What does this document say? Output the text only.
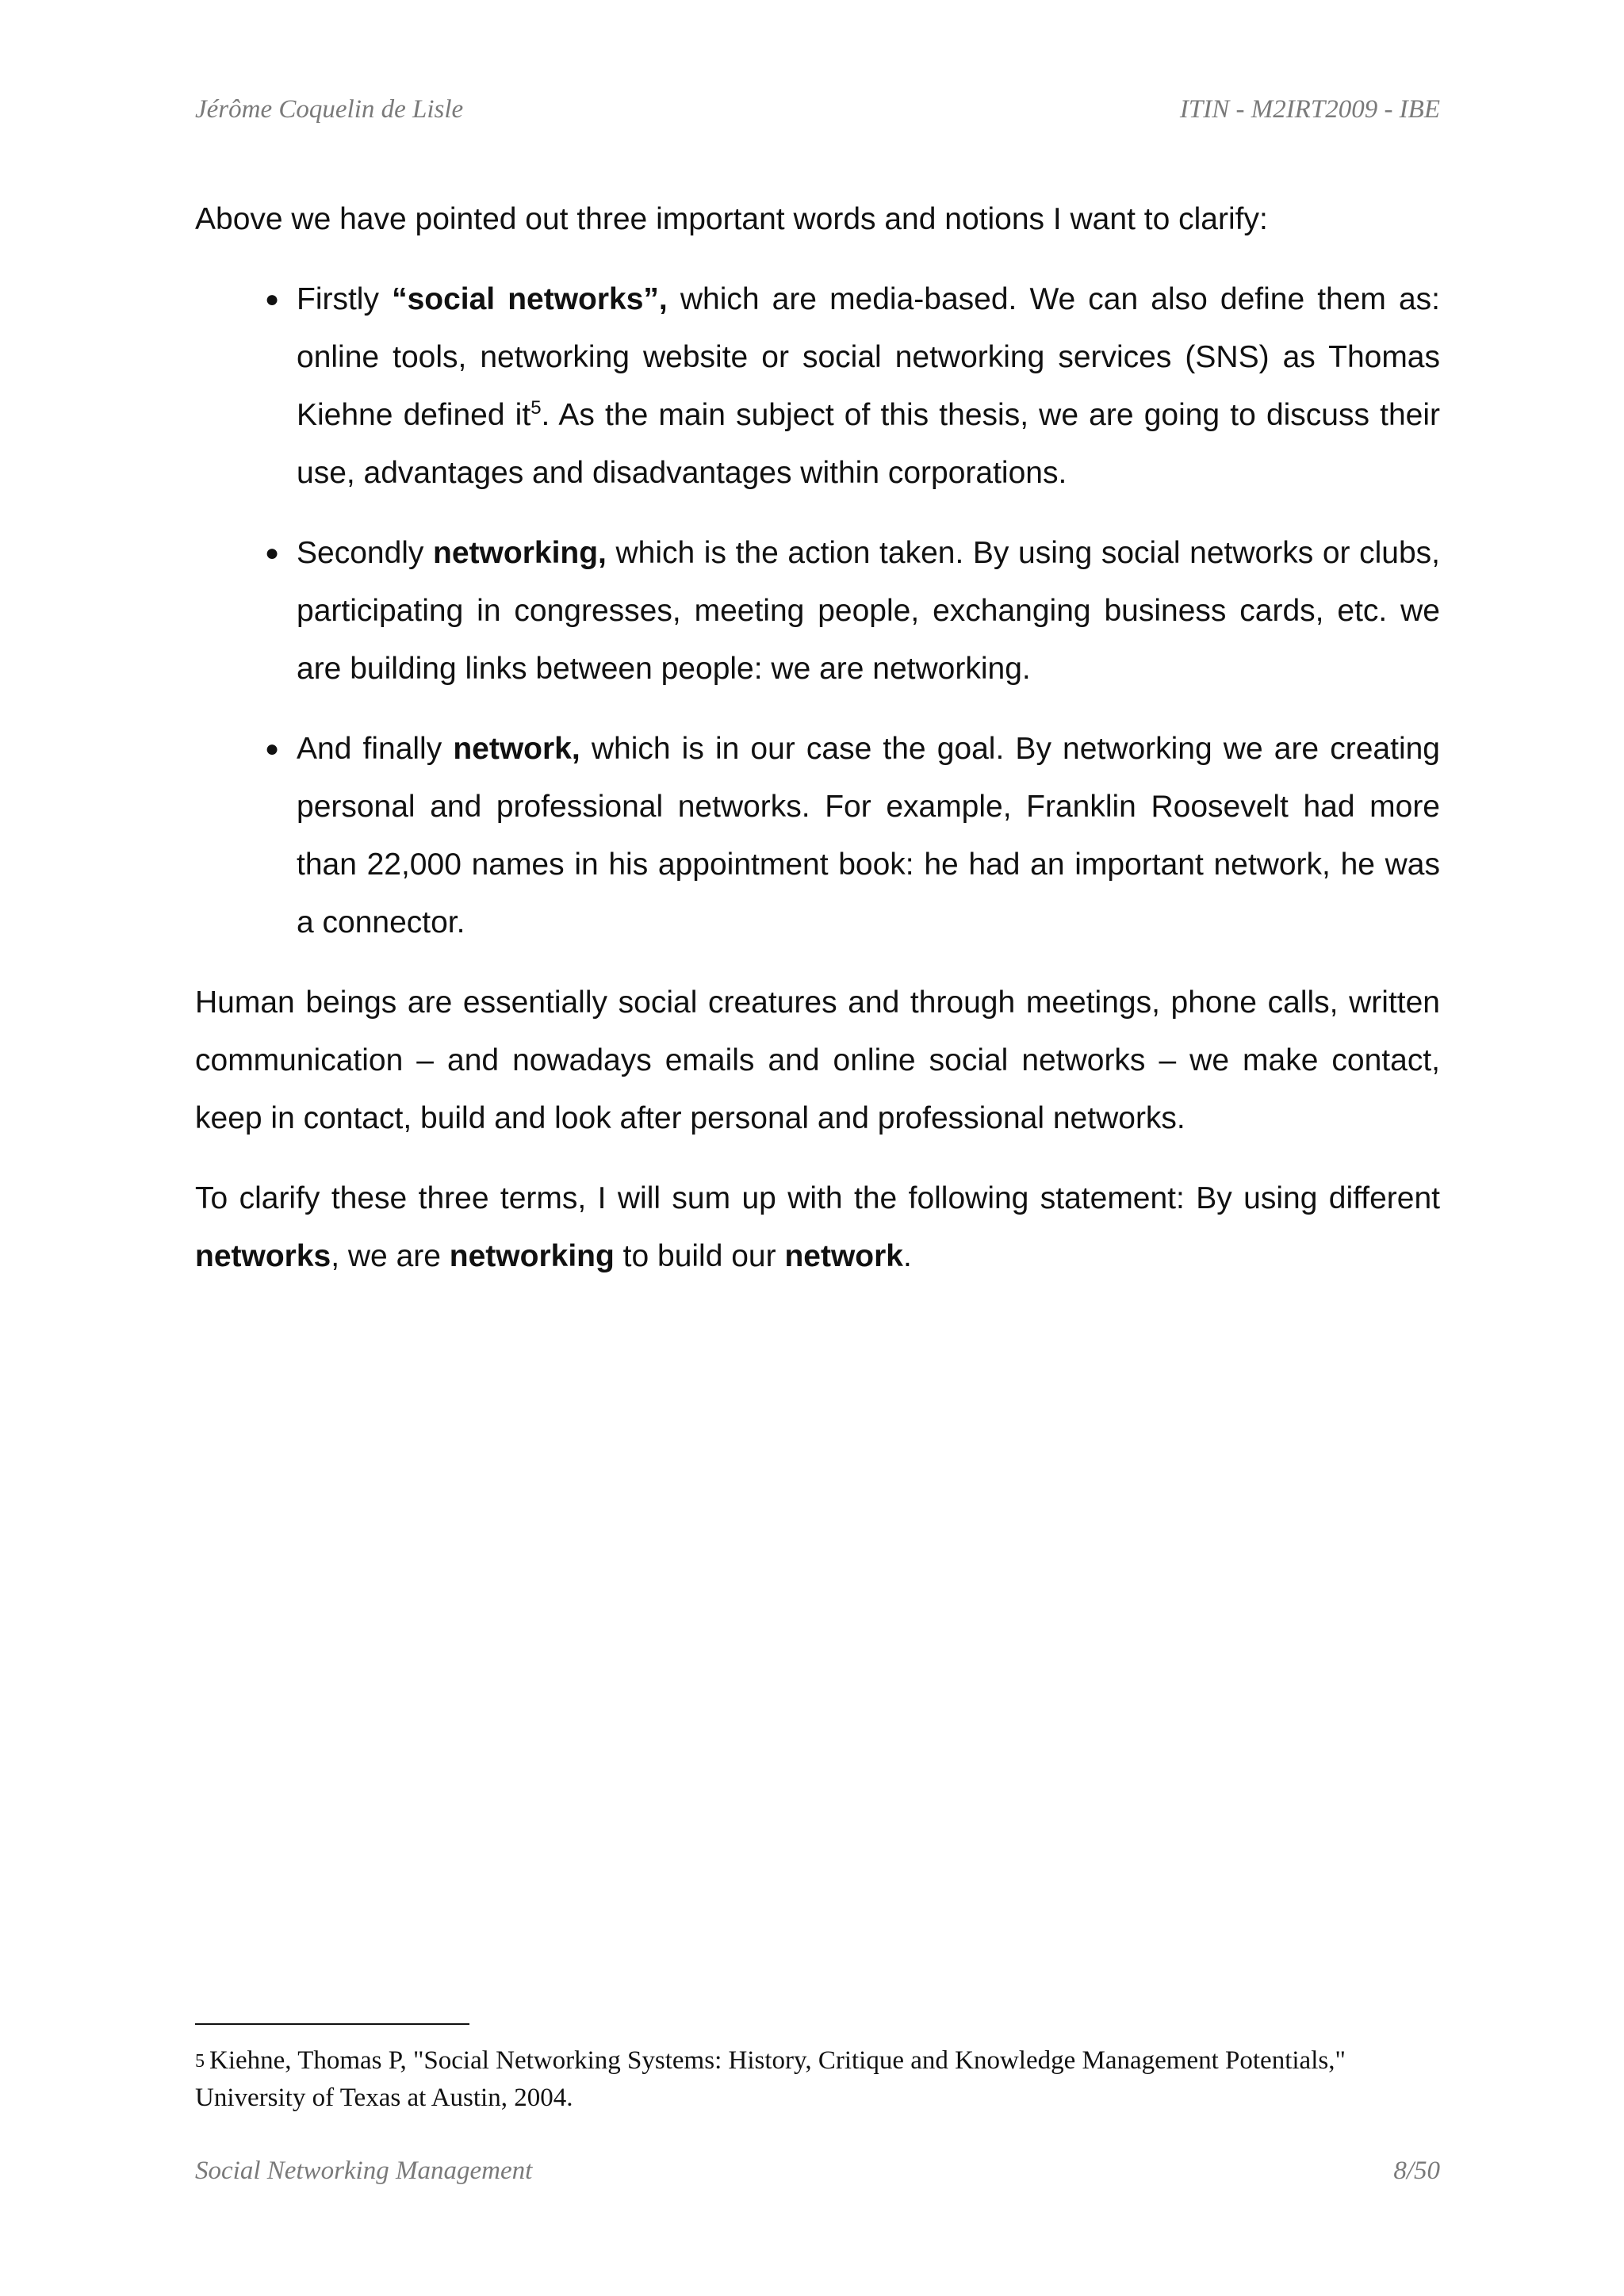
Jérôme Coquelin de Lisle	ITIN - M2IRT2009 - IBE

Above we have pointed out three important words and notions I want to clarify:

● Firstly “social networks”, which are media-based. We can also define them as: online tools, networking website or social networking services (SNS) as Thomas Kiehne defined it$^5$. As the main subject of this thesis, we are going to discuss their use, advantages and disadvantages within corporations.
● Secondly networking, which is the action taken. By using social networks or clubs, participating in congresses, meeting people, exchanging business cards, etc. we are building links between people: we are networking.
● And finally network, which is in our case the goal. By networking we are creating personal and professional networks. For example, Franklin Roosevelt had more than 22,000 names in his appointment book: he had an important network, he was a connector.

Human beings are essentially social creatures and through meetings, phone calls, written communication – and nowadays emails and online social networks – we make contact, keep in contact, build and look after personal and professional networks.

To clarify these three terms, I will sum up with the following statement: By using different networks, we are networking to build our network.

5 Kiehne, Thomas P, "Social Networking Systems: History, Critique and Knowledge Management Potentials," University of Texas at Austin, 2004.
Social Networking Management	8/50
